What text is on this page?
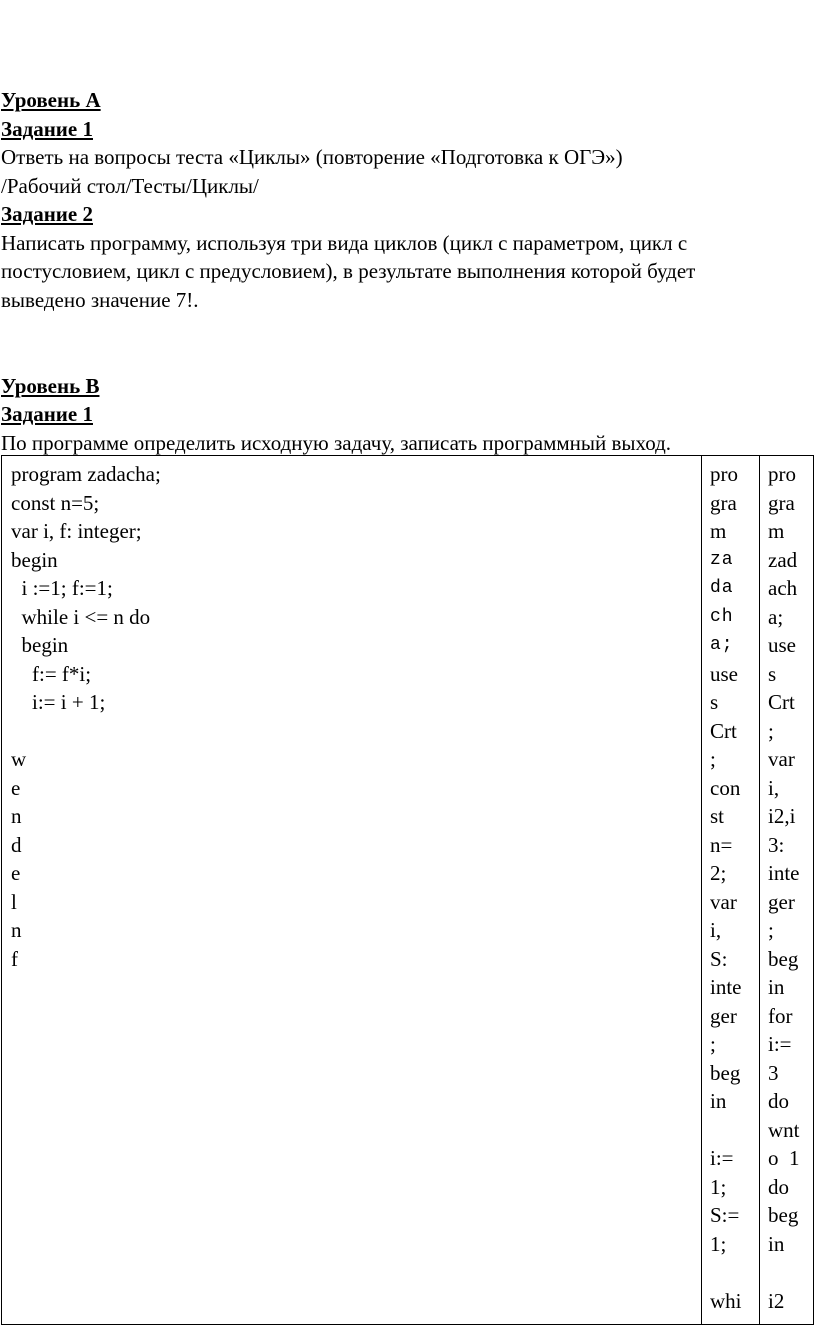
Уровень А
Задание 1
Ответь на вопросы теста «Циклы» (повторение «Подготовка к ОГЭ»)
/Рабочий стол/Тесты/Циклы/
Задание 2
Написать программу, используя три вида циклов (цикл с параметром, цикл с
постусловием, цикл с предусловием), в результате выполнения которой будет
выведено значение 7!.
Уровень В
Задание 1
По программе определить исходную задачу, записать программный выход.
program zadacha;
const n=5;
var i, f: integer;
begin
i :=1; f:=1;
while i <= n do
begin
f:= f*i;
i:= i + 1;
w
e
n
d
e
l
n
f
pro
gra
m
za
da
ch
a;
use
s
Crt
;
con
st
n=
2;
var
i,
S:
inte
ger
;
beg
in
i:=
1;
S:=
1;
whi
pro
gra
m
zad
ach
a;
use
s
Crt
;
var
i,
i2,i
3:
inte
ger
;
beg
in
for
i:=
3
do
wnt
o  1
do
beg
in
i2
